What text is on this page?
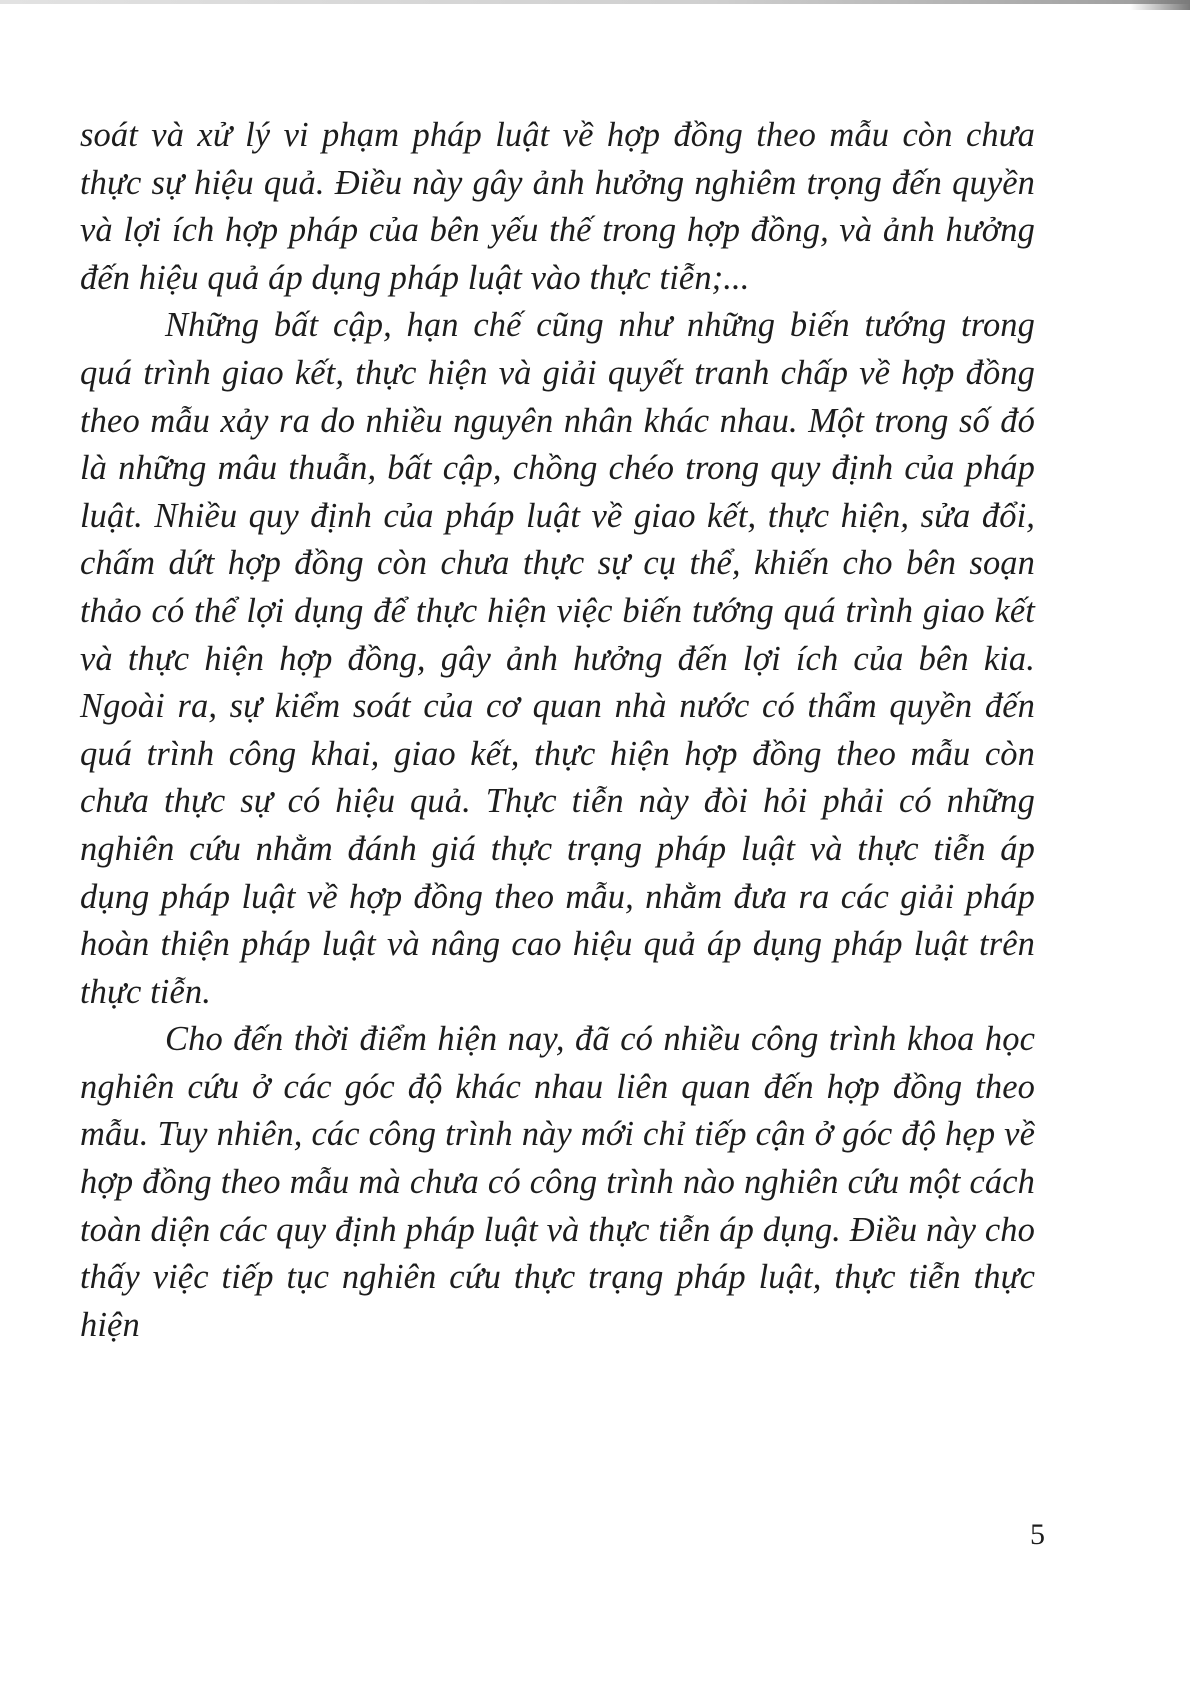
soát và xử lý vi phạm pháp luật về hợp đồng theo mẫu còn chưa thực sự hiệu quả. Điều này gây ảnh hưởng nghiêm trọng đến quyền và lợi ích hợp pháp của bên yếu thế trong hợp đồng, và ảnh hưởng đến hiệu quả áp dụng pháp luật vào thực tiễn;...

Những bất cập, hạn chế cũng như những biến tướng trong quá trình giao kết, thực hiện và giải quyết tranh chấp về hợp đồng theo mẫu xảy ra do nhiều nguyên nhân khác nhau. Một trong số đó là những mâu thuẫn, bất cập, chồng chéo trong quy định của pháp luật. Nhiều quy định của pháp luật về giao kết, thực hiện, sửa đổi, chấm dứt hợp đồng còn chưa thực sự cụ thể, khiến cho bên soạn thảo có thể lợi dụng để thực hiện việc biến tướng quá trình giao kết và thực hiện hợp đồng, gây ảnh hưởng đến lợi ích của bên kia. Ngoài ra, sự kiểm soát của cơ quan nhà nước có thẩm quyền đến quá trình công khai, giao kết, thực hiện hợp đồng theo mẫu còn chưa thực sự có hiệu quả. Thực tiễn này đòi hỏi phải có những nghiên cứu nhằm đánh giá thực trạng pháp luật và thực tiễn áp dụng pháp luật về hợp đồng theo mẫu, nhằm đưa ra các giải pháp hoàn thiện pháp luật và nâng cao hiệu quả áp dụng pháp luật trên thực tiễn.

Cho đến thời điểm hiện nay, đã có nhiều công trình khoa học nghiên cứu ở các góc độ khác nhau liên quan đến hợp đồng theo mẫu. Tuy nhiên, các công trình này mới chỉ tiếp cận ở góc độ hẹp về hợp đồng theo mẫu mà chưa có công trình nào nghiên cứu một cách toàn diện các quy định pháp luật và thực tiễn áp dụng. Điều này cho thấy việc tiếp tục nghiên cứu thực trạng pháp luật, thực tiễn thực hiện

5
